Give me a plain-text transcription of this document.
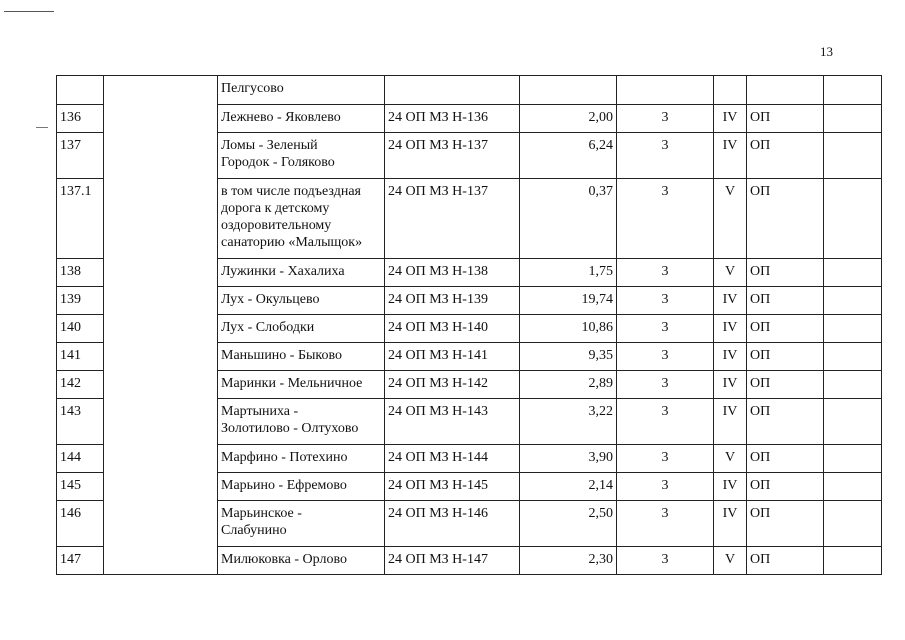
13
		Пелгусово						
136		Лежнево - Яковлево	24 ОП МЗ Н-136	2,00	3	IV	ОП	
137		Ломы - Зеленый
Городок - Голяково	24 ОП МЗ Н-137	6,24	3	IV	ОП	
137.1		в том числе подъездная
дорога к детскому
оздоровительному
санаторию «Малыщок»	24 ОП МЗ Н-137	0,37	3	V	ОП	
138		Лужинки - Хахалиха	24 ОП МЗ Н-138	1,75	3	V	ОП	
139		Лух - Окульцево	24 ОП МЗ Н-139	19,74	3	IV	ОП	
140		Лух - Слободки	24 ОП МЗ Н-140	10,86	3	IV	ОП	
141		Маньшино - Быково	24 ОП МЗ Н-141	9,35	3	IV	ОП	
142		Маринки - Мельничное	24 ОП МЗ Н-142	2,89	3	IV	ОП	
143		Мартыниха -
Золотилово - Олтухово	24 ОП МЗ Н-143	3,22	3	IV	ОП	
144		Марфино - Потехино	24 ОП МЗ Н-144	3,90	3	V	ОП	
145		Марьино - Ефремово	24 ОП МЗ Н-145	2,14	3	IV	ОП	
146		Марьинское -
Слабунино	24 ОП МЗ Н-146	2,50	3	IV	ОП	
147		Милюковка - Орлово	24 ОП МЗ Н-147	2,30	3	V	ОП	
